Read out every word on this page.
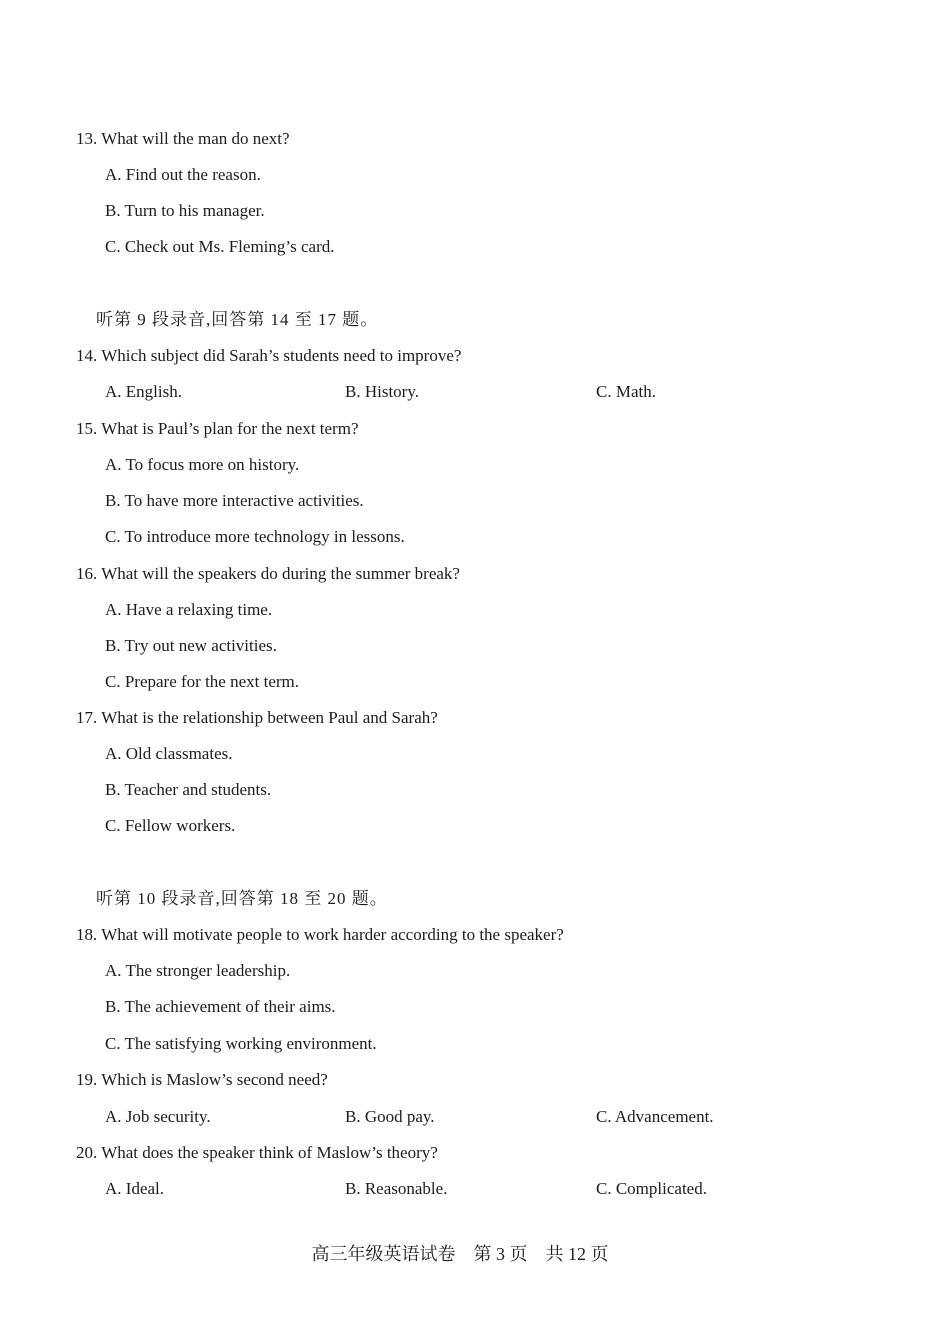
13. What will the man do next?
A. Find out the reason.
B. Turn to his manager.
C. Check out Ms. Fleming’s card.
听第 9 段录音,回答第 14 至 17 题。
14. Which subject did Sarah’s students need to improve?
A. English.	B. History.	C. Math.
15. What is Paul’s plan for the next term?
A. To focus more on history.
B. To have more interactive activities.
C. To introduce more technology in lessons.
16. What will the speakers do during the summer break?
A. Have a relaxing time.
B. Try out new activities.
C. Prepare for the next term.
17. What is the relationship between Paul and Sarah?
A. Old classmates.
B. Teacher and students.
C. Fellow workers.
听第 10 段录音,回答第 18 至 20 题。
18. What will motivate people to work harder according to the speaker?
A. The stronger leadership.
B. The achievement of their aims.
C. The satisfying working environment.
19. Which is Maslow’s second need?
A. Job security.	B. Good pay.	C. Advancement.
20. What does the speaker think of Maslow’s theory?
A. Ideal.	B. Reasonable.	C. Complicated.
高三年级英语试卷　第 3 页　共 12 页
